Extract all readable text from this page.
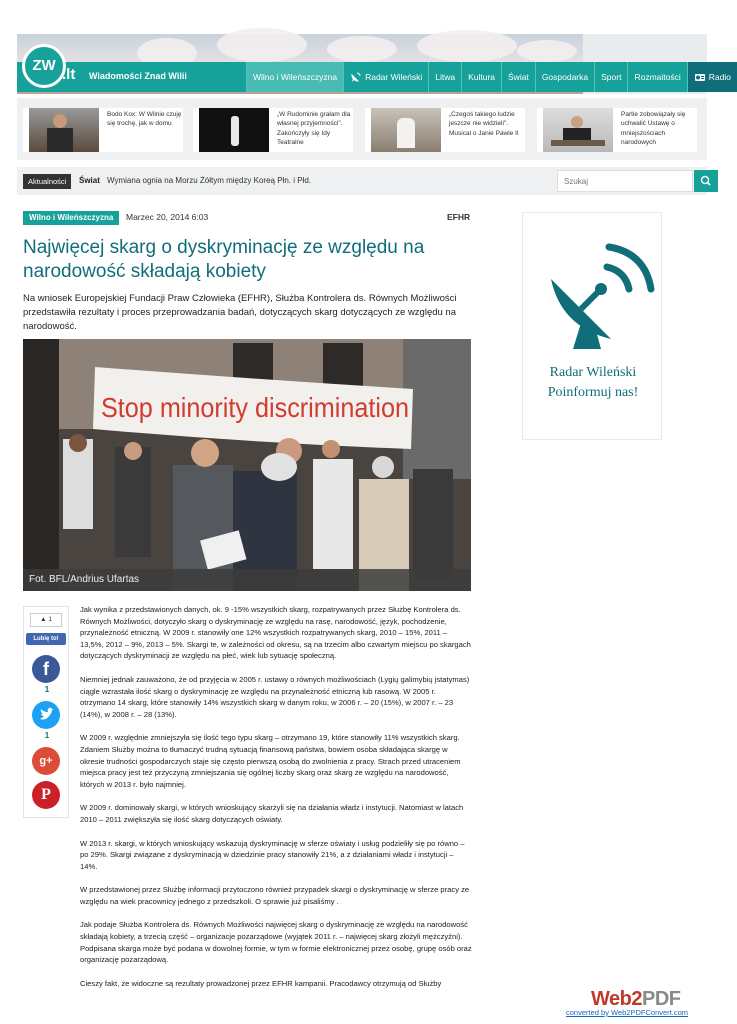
ZW
.lt Wiadomości Znad Wilii	Wilno i Wileńszczyzna	Radar Wileński Litwa Kultura Świat Gospodarka Sport Rozmaitości	Radio
Bodo Kox: W Wilnie czuję się trochę, jak w domu
„W Rudominie grałam dla własnej przyjemności". Zakończyły się Idy Teatralne
„Czegoś takiego ludzie jeszcze nie widzieli". Musical o Janie Pawle II
Partie zobowiązały się uchwalić Ustawę o mniejszościach narodowych
Aktualności	Świat Wymiana ognia na Morzu Żółtym między Koreą Płn. i Płd.
Szukaj
Wilno i Wileńszczyzna	Marzec 20, 2014 6:03	EFHR
Najwięcej skarg o dyskryminację ze względu na narodowość składają kobiety

Na wniosek Europejskiej Fundacji Praw Człowieka (EFHR), Służba Kontrolera ds. Równych Możliwości przedstawiła rezultaty i proces przeprowadzania badań, dotyczących skarg dotyczących ze względu na narodowość.

Stop minority discrimination
Fot. BFL/Andrius Ufartas
▲ 1
Lubię to!
f
1
1
g+
P

Jak wynika z przedstawionych danych, ok. 9 -15% wszystkich skarg, rozpatrywanych przez Służbę Kontrolera ds. Równych Możliwości, dotyczyło skarg o dyskryminację ze względu na rasę, narodowość, język, pochodzenie, przynależność etniczną. W 2009 r. stanowiły one 12% wszystkich rozpatrywanych skarg, 2010 – 15%, 2011 – 13,5%, 2012 – 9%, 2013 – 5%. Skargi te, w zależności od okresu, są na trzecim albo czwartym miejscu po skargach dotyczących dyskryminacji ze względu na płeć, wiek lub sytuację społeczną.

Niemniej jednak zauważono, że od przyjęcia w 2005 r. ustawy o równych możliwościach (Lygių galimybių įstatymas) ciągle wzrastała ilość skarg o dyskryminację ze względu na przynależność etniczną lub rasową. W 2005 r. otrzymano 14 skarg, które stanowiły 14% wszystkich skarg w danym roku, w 2006 r. – 20 (15%), w 2007 r. – 23 (14%), w 2008 r. – 28 (13%).

W 2009 r. względnie zmniejszyła się ilość tego typu skarg – otrzymano 19, które stanowiły 11% wszystkich skarg. Zdaniem Służby można to tłumaczyć trudną sytuacją finansową państwa, bowiem osoba składająca skargę w okresie trudności gospodarczych staje się często pierwszą osobą do zwolnienia z pracy. Strach przed utraceniem miejsca pracy jest też przyczyną zmniejszania się ogólnej liczby skarg oraz skarg ze względu na narodowość, których w 2013 r. było najmniej.

W 2009 r. dominowały skargi, w których wnioskujący skarżyli się na działania władz i instytucji. Natomiast w latach 2010 – 2011 zwiększyła się ilość skarg dotyczących oświaty.

W 2013 r. skargi, w których wnioskujący wskazują dyskryminację w sferze oświaty i usług podzieliły się po równo –po 29%. Skargi związane z dyskryminacją w dziedzinie pracy stanowiły 21%, a z działaniami władz i instytucji – 14%.

W przedstawionej przez Służbę informacji przytoczono również przypadek skargi o dyskryminację w sferze pracy ze względu na wiek pracownicy jednego z przedszkoli. O sprawie już pisaliśmy .

Jak podaje Służba Kontrolera ds. Równych Możliwości najwięcej skarg o dyskryminację ze względu na narodowość składają kobiety, a trzecią część – organizacje pozarządowe (wyjątek 2011 r. – najwięcej skarg złożyli mężczyźni). Podpisana skarga może być podana w dowolnej formie, w tym w formie elektronicznej przez osobę, grupę osób oraz organizację pozarządową.

Cieszy fakt, że widoczne są rezultaty prowadzonej przez EFHR kampanii. Pracodawcy otrzymują od Służby

Radar Wileński
Poinformuj nas!
Web2PDF
converted by Web2PDFConvert.com
